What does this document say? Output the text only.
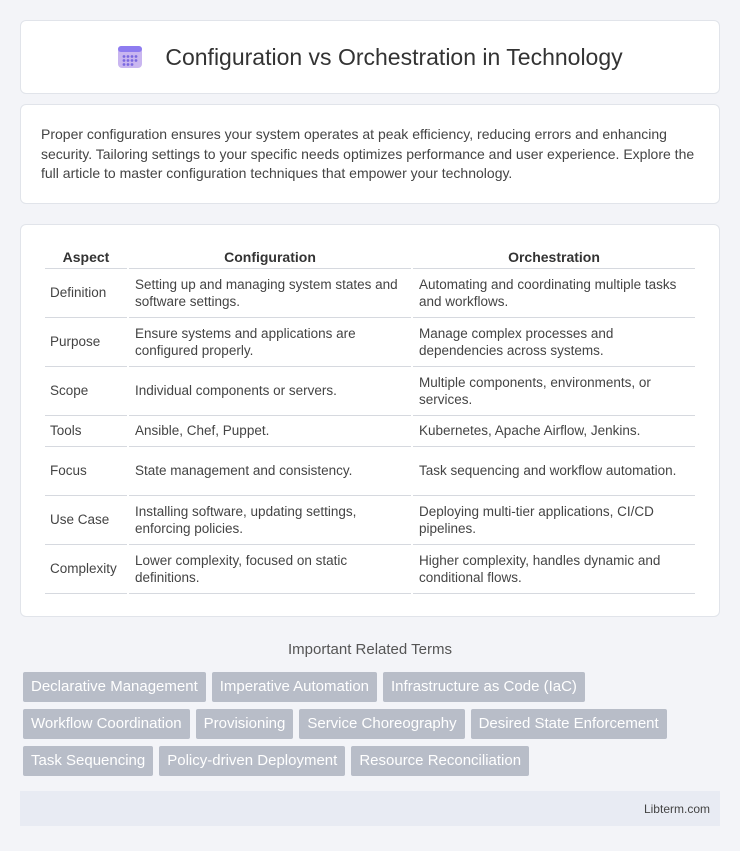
Configuration vs Orchestration in Technology

Proper configuration ensures your system operates at peak efficiency, reducing errors and enhancing security. Tailoring settings to your specific needs optimizes performance and user experience. Explore the full article to master configuration techniques that empower your technology.

Aspect	Configuration	Orchestration
Definition	Setting up and managing system states and software settings.	Automating and coordinating multiple tasks and workflows.
Purpose	Ensure systems and applications are configured properly.	Manage complex processes and dependencies across systems.
Scope	Individual components or servers.	Multiple components, environments, or services.
Tools	Ansible, Chef, Puppet.	Kubernetes, Apache Airflow, Jenkins.
Focus	State management and consistency.	Task sequencing and workflow automation.
Use Case	Installing software, updating settings, enforcing policies.	Deploying multi-tier applications, CI/CD pipelines.
Complexity	Lower complexity, focused on static definitions.	Higher complexity, handles dynamic and conditional flows.
Important Related Terms
Declarative Management	Imperative Automation	Infrastructure as Code (IaC)
Workflow Coordination	Provisioning	Service Choreography	Desired State Enforcement
Task Sequencing	Policy-driven Deployment	Resource Reconciliation
Libterm.com
